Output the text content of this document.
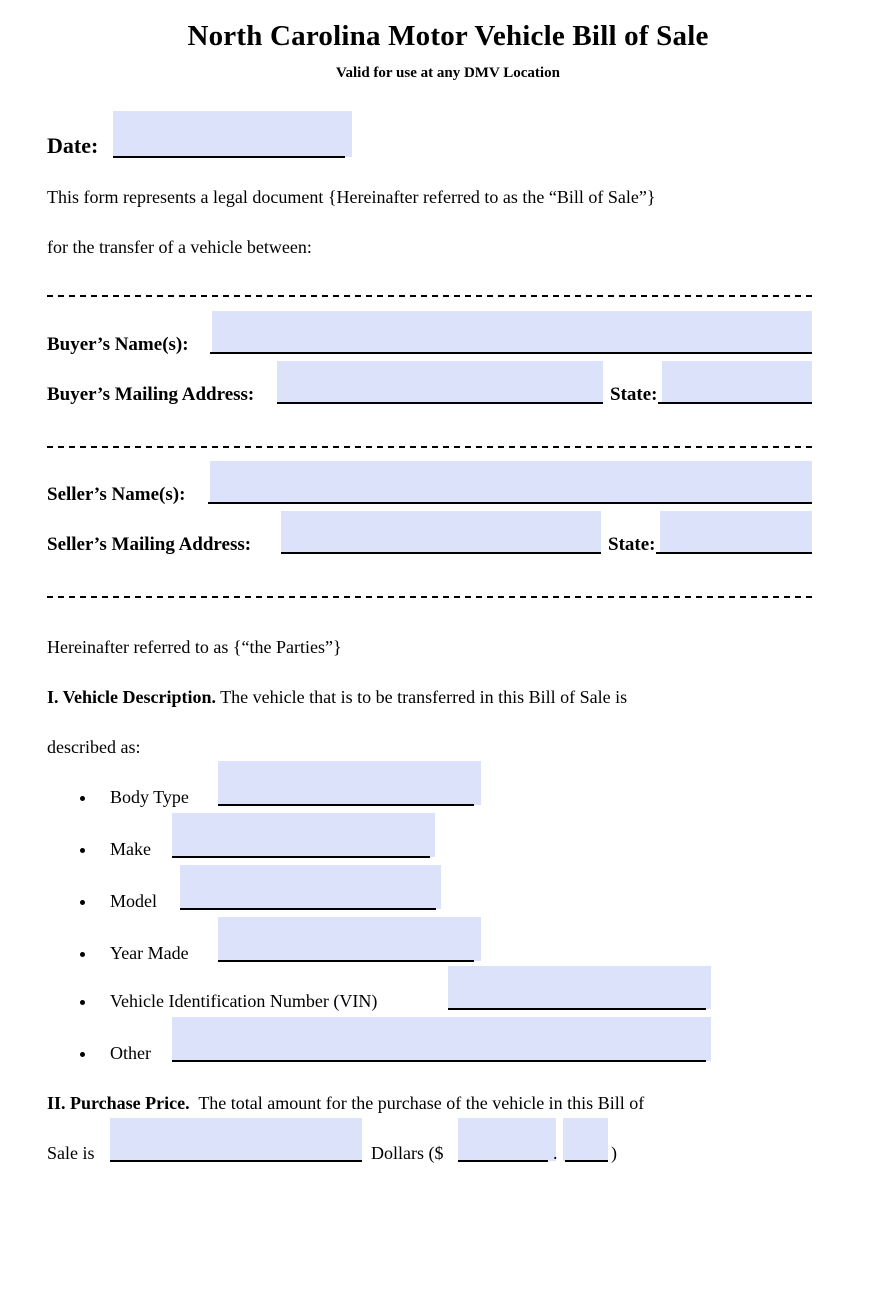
North Carolina Motor Vehicle Bill of Sale
Valid for use at any DMV Location
Date:
This form represents a legal document {Hereinafter referred to as the “Bill of Sale”}
for the transfer of a vehicle between:
Buyer’s Name(s):
Buyer’s Mailing Address:	State:
Seller’s Name(s):
Seller’s Mailing Address:	State:
Hereinafter referred to as {“the Parties”}
I. Vehicle Description. The vehicle that is to be transferred in this Bill of Sale is
described as:
Body Type
Make
Model
Year Made
Vehicle Identification Number (VIN)
Other
II. Purchase Price.  The total amount for the purchase of the vehicle in this Bill of
Sale is	Dollars ($	.	)
